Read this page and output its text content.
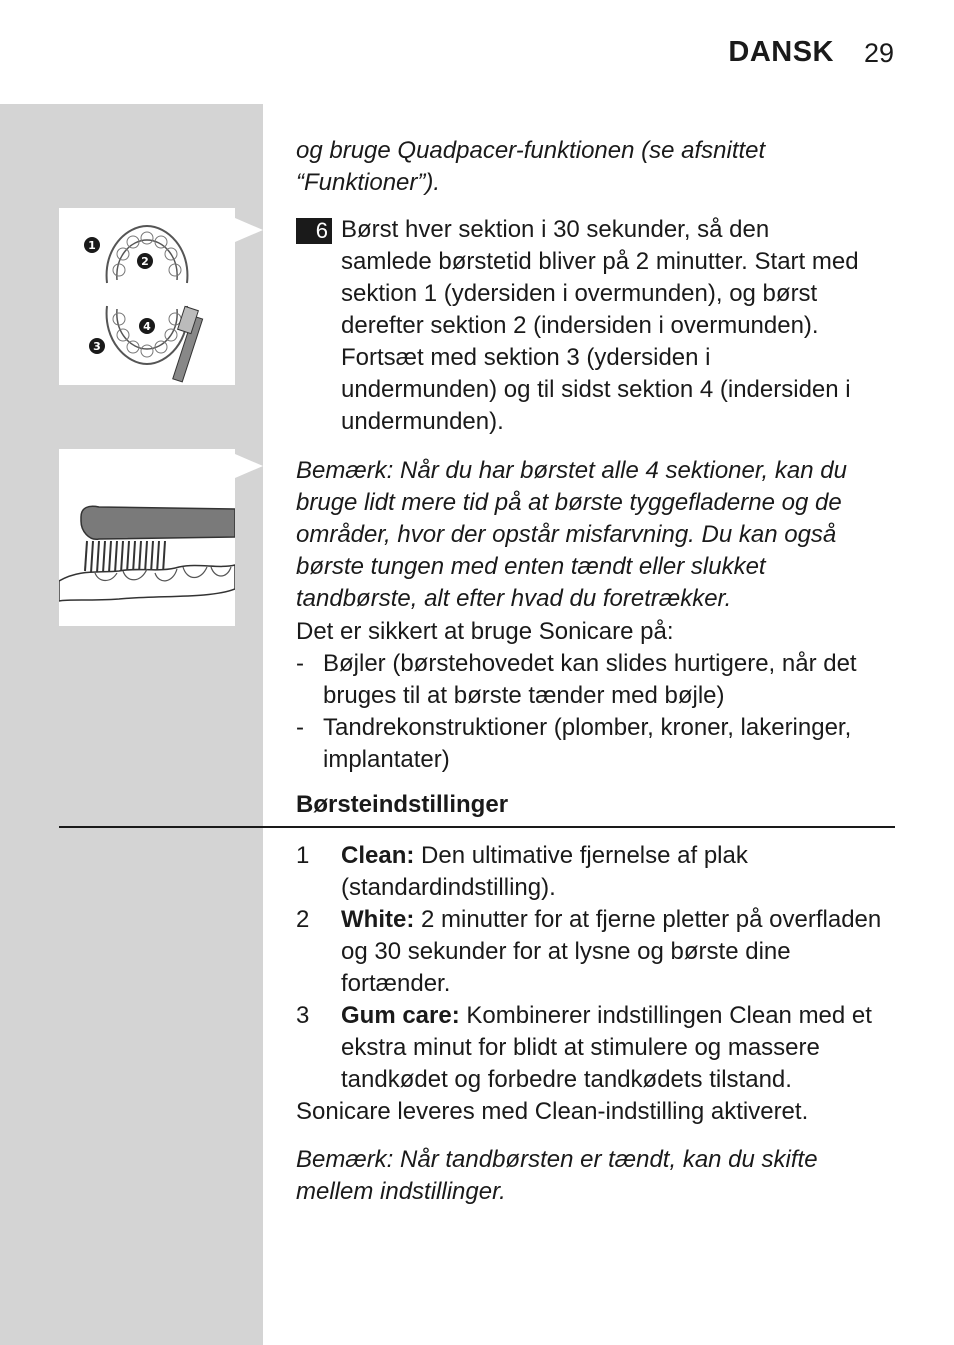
DANSK 29
1
2
3
4
og bruge Quadpacer-funktionen (se afsnittet “Funktioner”).
6 Børst hver sektion i 30 sekunder, så den samlede børstetid bliver på 2 minutter. Start med sektion 1 (ydersiden i overmunden), og børst derefter sektion 2 (indersiden i overmunden). Fortsæt med sektion 3 (ydersiden i undermunden) og til sidst sektion 4 (indersiden i undermunden).
Bemærk: Når du har børstet alle 4 sektioner, kan du bruge lidt mere tid på at børste tyggefladerne og de områder, hvor der opstår misfarvning. Du kan også børste tungen med enten tændt eller slukket tandbørste, alt efter hvad du foretrækker.
Det er sikkert at bruge Sonicare på:
- Bøjler (børstehovedet kan slides hurtigere, når det bruges til at børste tænder med bøjle)
- Tandrekonstruktioner (plomber, kroner, lakeringer, implantater)
Børsteindstillinger
1	Clean: Den ultimative fjernelse af plak (standardindstilling).
2	White: 2 minutter for at fjerne pletter på overfladen og 30 sekunder for at lysne og børste dine fortænder.
3	Gum care: Kombinerer indstillingen Clean med et ekstra minut for blidt at stimulere og massere tandkødet og forbedre tandkødets tilstand.
Sonicare leveres med Clean-indstilling aktiveret.
Bemærk: Når tandbørsten er tændt, kan du skifte mellem indstillinger.
